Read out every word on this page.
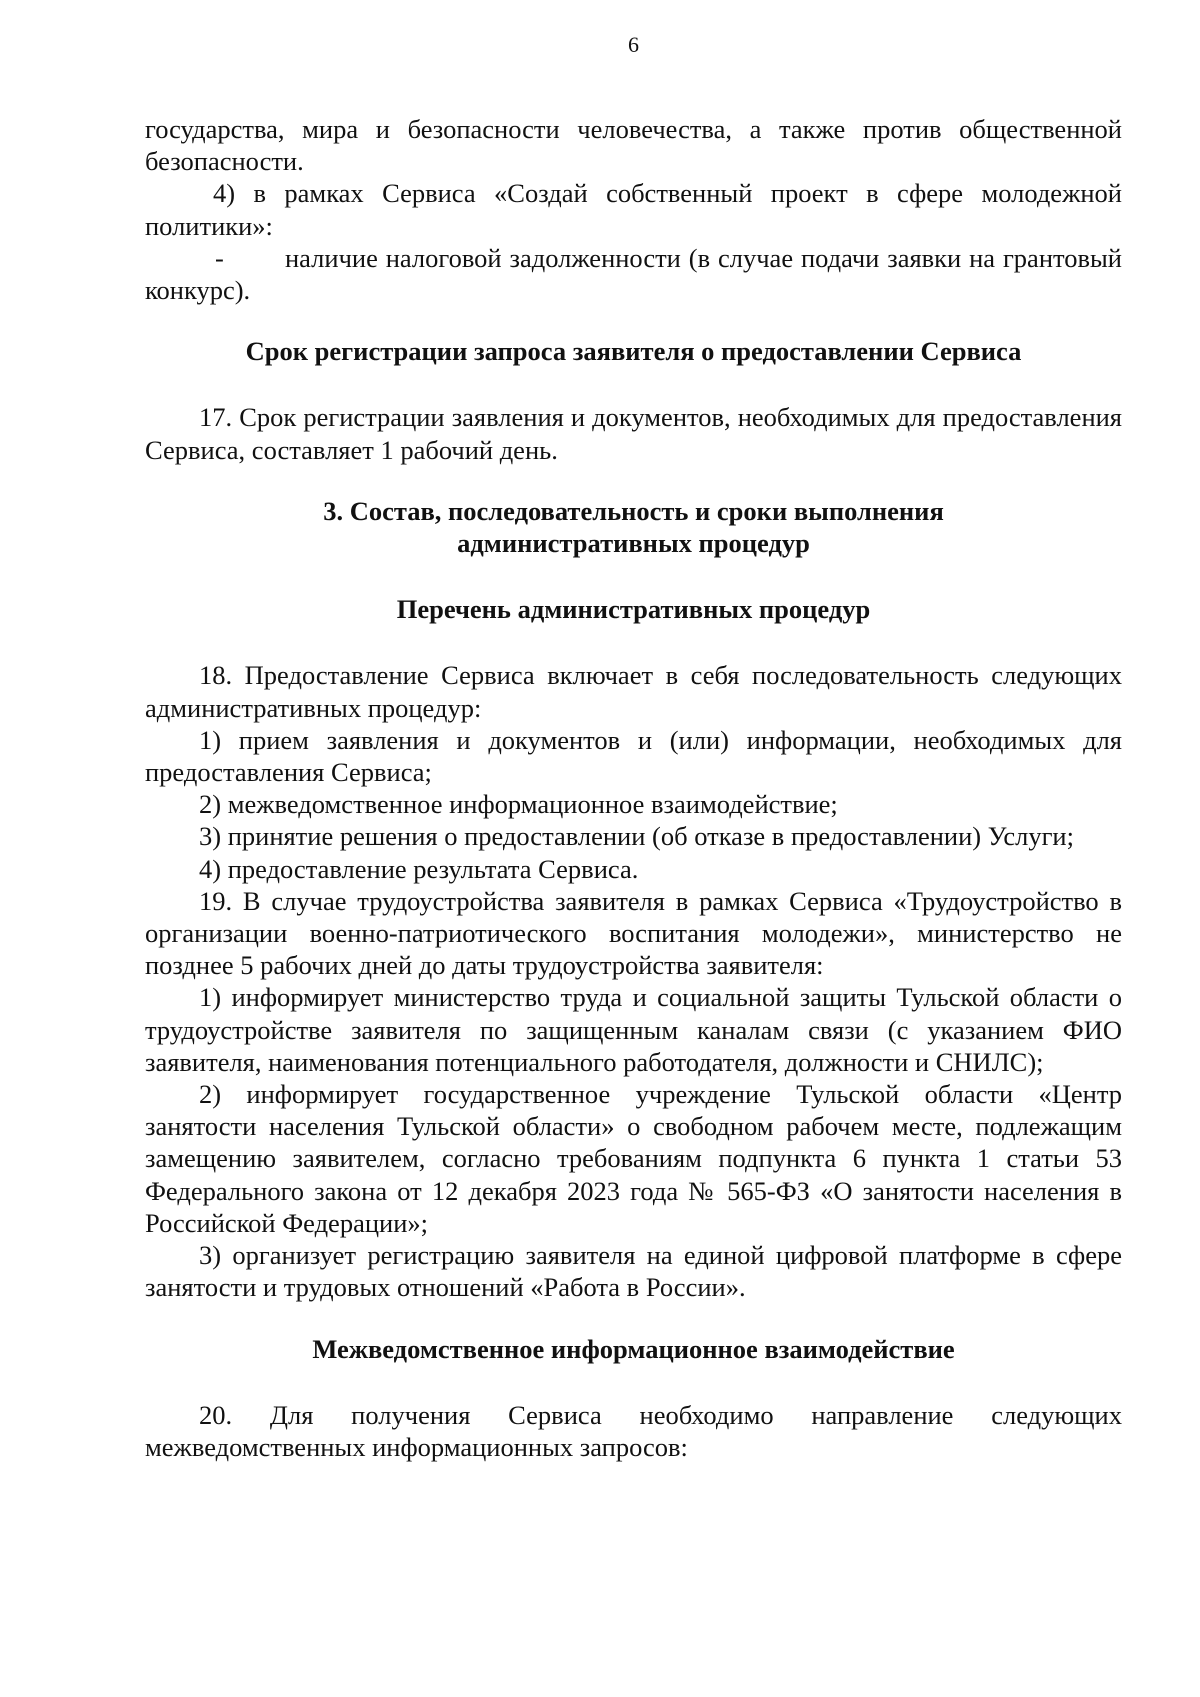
6

государства, мира и безопасности человечества, а также против общественной безопасности.

4) в рамках Сервиса «Создай собственный проект в сфере молодежной политики»:

- наличие налоговой задолженности (в случае подачи заявки на грантовый конкурс).

Срок регистрации запроса заявителя о предоставлении Сервиса

17. Срок регистрации заявления и документов, необходимых для предоставления Сервиса, составляет 1 рабочий день.

3. Состав, последовательность и сроки выполнения
административных процедур
Перечень административных процедур

18. Предоставление Сервиса включает в себя последовательность следующих административных процедур:

1) прием заявления и документов и (или) информации, необходимых для предоставления Сервиса;

2) межведомственное информационное взаимодействие;

3) принятие решения о предоставлении (об отказе в предоставлении) Услуги;

4) предоставление результата Сервиса.

19. В случае трудоустройства заявителя в рамках Сервиса «Трудоустройство в организации военно-патриотического воспитания молодежи», министерство не позднее 5 рабочих дней до даты трудоустройства заявителя:

1) информирует министерство труда и социальной защиты Тульской области о трудоустройстве заявителя по защищенным каналам связи (с указанием ФИО заявителя, наименования потенциального работодателя, должности и СНИЛС);

2) информирует государственное учреждение Тульской области «Центр занятости населения Тульской области» о свободном рабочем месте, подлежащим замещению заявителем, согласно требованиям подпункта 6 пункта 1 статьи 53 Федерального закона от 12 декабря 2023 года № 565-ФЗ «О занятости населения в Российской Федерации»;

3) организует регистрацию заявителя на единой цифровой платформе в сфере занятости и трудовых отношений «Работа в России».

Межведомственное информационное взаимодействие

20. Для получения Сервиса необходимо направление следующих межведомственных информационных запросов:
